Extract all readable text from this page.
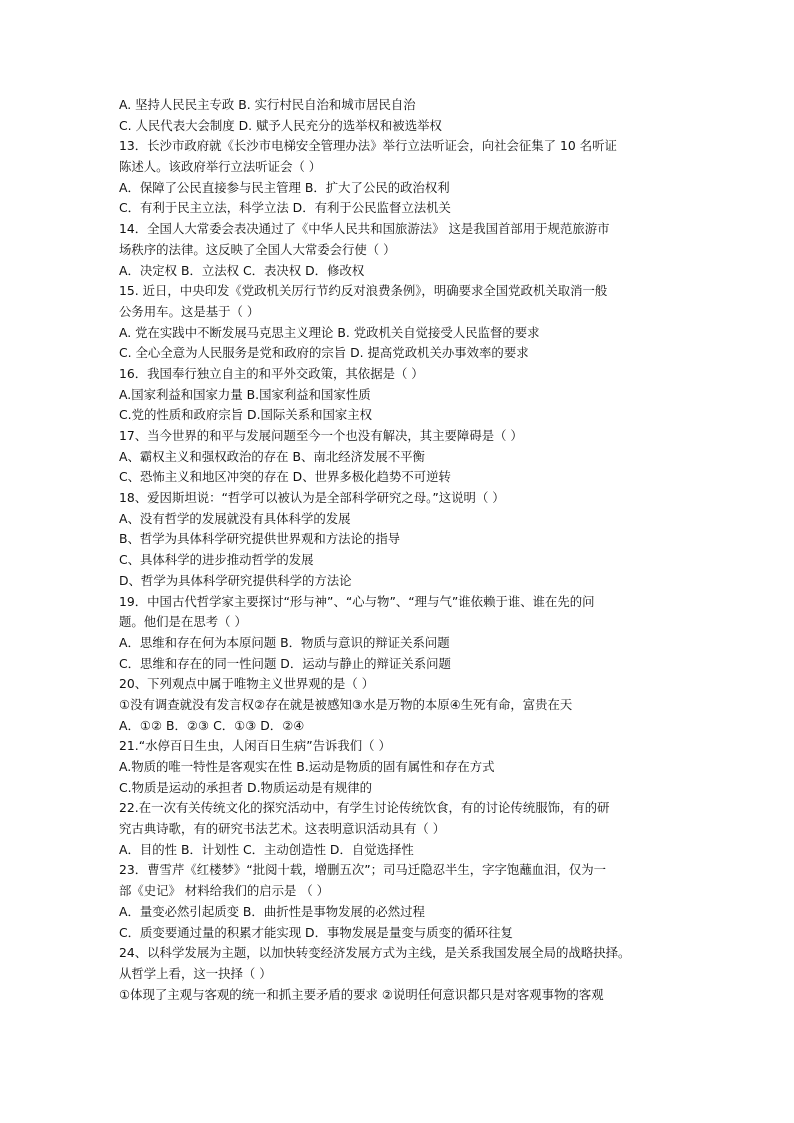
A. 坚持人民民主专政 B. 实行村民自治和城市居民自治
C. 人民代表大会制度 D. 赋予人民充分的选举权和被选举权
13．长沙市政府就《长沙市电梯安全管理办法》举行立法听证会，向社会征集了 10 名听证
陈述人。该政府举行立法听证会（ ）
A．保障了公民直接参与民主管理 B．扩大了公民的政治权利
C．有利于民主立法，科学立法 D．有利于公民监督立法机关
14．全国人大常委会表决通过了《中华人民共和国旅游法》 这是我国首部用于规范旅游市
场秩序的法律。这反映了全国人大常委会行使（ ）
A．决定权 B．立法权 C．表决权 D．修改权
15. 近日，中央印发《党政机关厉行节约反对浪费条例》，明确要求全国党政机关取消一般
公务用车。这是基于（ ）
A. 党在实践中不断发展马克思主义理论 B. 党政机关自觉接受人民监督的要求
C. 全心全意为人民服务是党和政府的宗旨 D. 提高党政机关办事效率的要求
16．我国奉行独立自主的和平外交政策，其依据是（ ）
A.国家利益和国家力量 B.国家利益和国家性质
C.党的性质和政府宗旨 D.国际关系和国家主权
17、当今世界的和平与发展问题至今一个也没有解决，其主要障碍是（ ）
A、霸权主义和强权政治的存在 B、南北经济发展不平衡
C、恐怖主义和地区冲突的存在 D、世界多极化趋势不可逆转
18、爱因斯坦说：“哲学可以被认为是全部科学研究之母。”这说明（ ）
A、没有哲学的发展就没有具体科学的发展
B、哲学为具体科学研究提供世界观和方法论的指导
C、具体科学的进步推动哲学的发展
D、哲学为具体科学研究提供科学的方法论
19．中国古代哲学家主要探讨“形与神”、“心与物”、“理与气”谁依赖于谁、谁在先的问
题。他们是在思考（ ）
A．思维和存在何为本原问题 B．物质与意识的辩证关系问题
C．思维和存在的同一性问题 D．运动与静止的辩证关系问题
20、下列观点中属于唯物主义世界观的是（ ）
①没有调查就没有发言权②存在就是被感知③水是万物的本原④生死有命，富贵在天
A．①② B．②③ C．①③ D．②④
21.“水停百日生虫，人闲百日生病”告诉我们（ ）
A.物质的唯一特性是客观实在性 B.运动是物质的固有属性和存在方式
C.物质是运动的承担者 D.物质运动是有规律的
22.在一次有关传统文化的探究活动中，有学生讨论传统饮食，有的讨论传统服饰，有的研
究古典诗歌，有的研究书法艺术。这表明意识活动具有（ ）
A．目的性 B．计划性 C．主动创造性 D．自觉选择性
23．曹雪芹《红楼梦》“批阅十载，增删五次”；司马迁隐忍半生，字字饱蘸血泪，仅为一
部《史记》 材料给我们的启示是 （ ）
A．量变必然引起质变 B．曲折性是事物发展的必然过程
C．质变要通过量的积累才能实现 D．事物发展是量变与质变的循环往复
24、以科学发展为主题，以加快转变经济发展方式为主线，是关系我国发展全局的战略抉择。
从哲学上看，这一抉择（ ）
①体现了主观与客观的统一和抓主要矛盾的要求 ②说明任何意识都只是对客观事物的客观
